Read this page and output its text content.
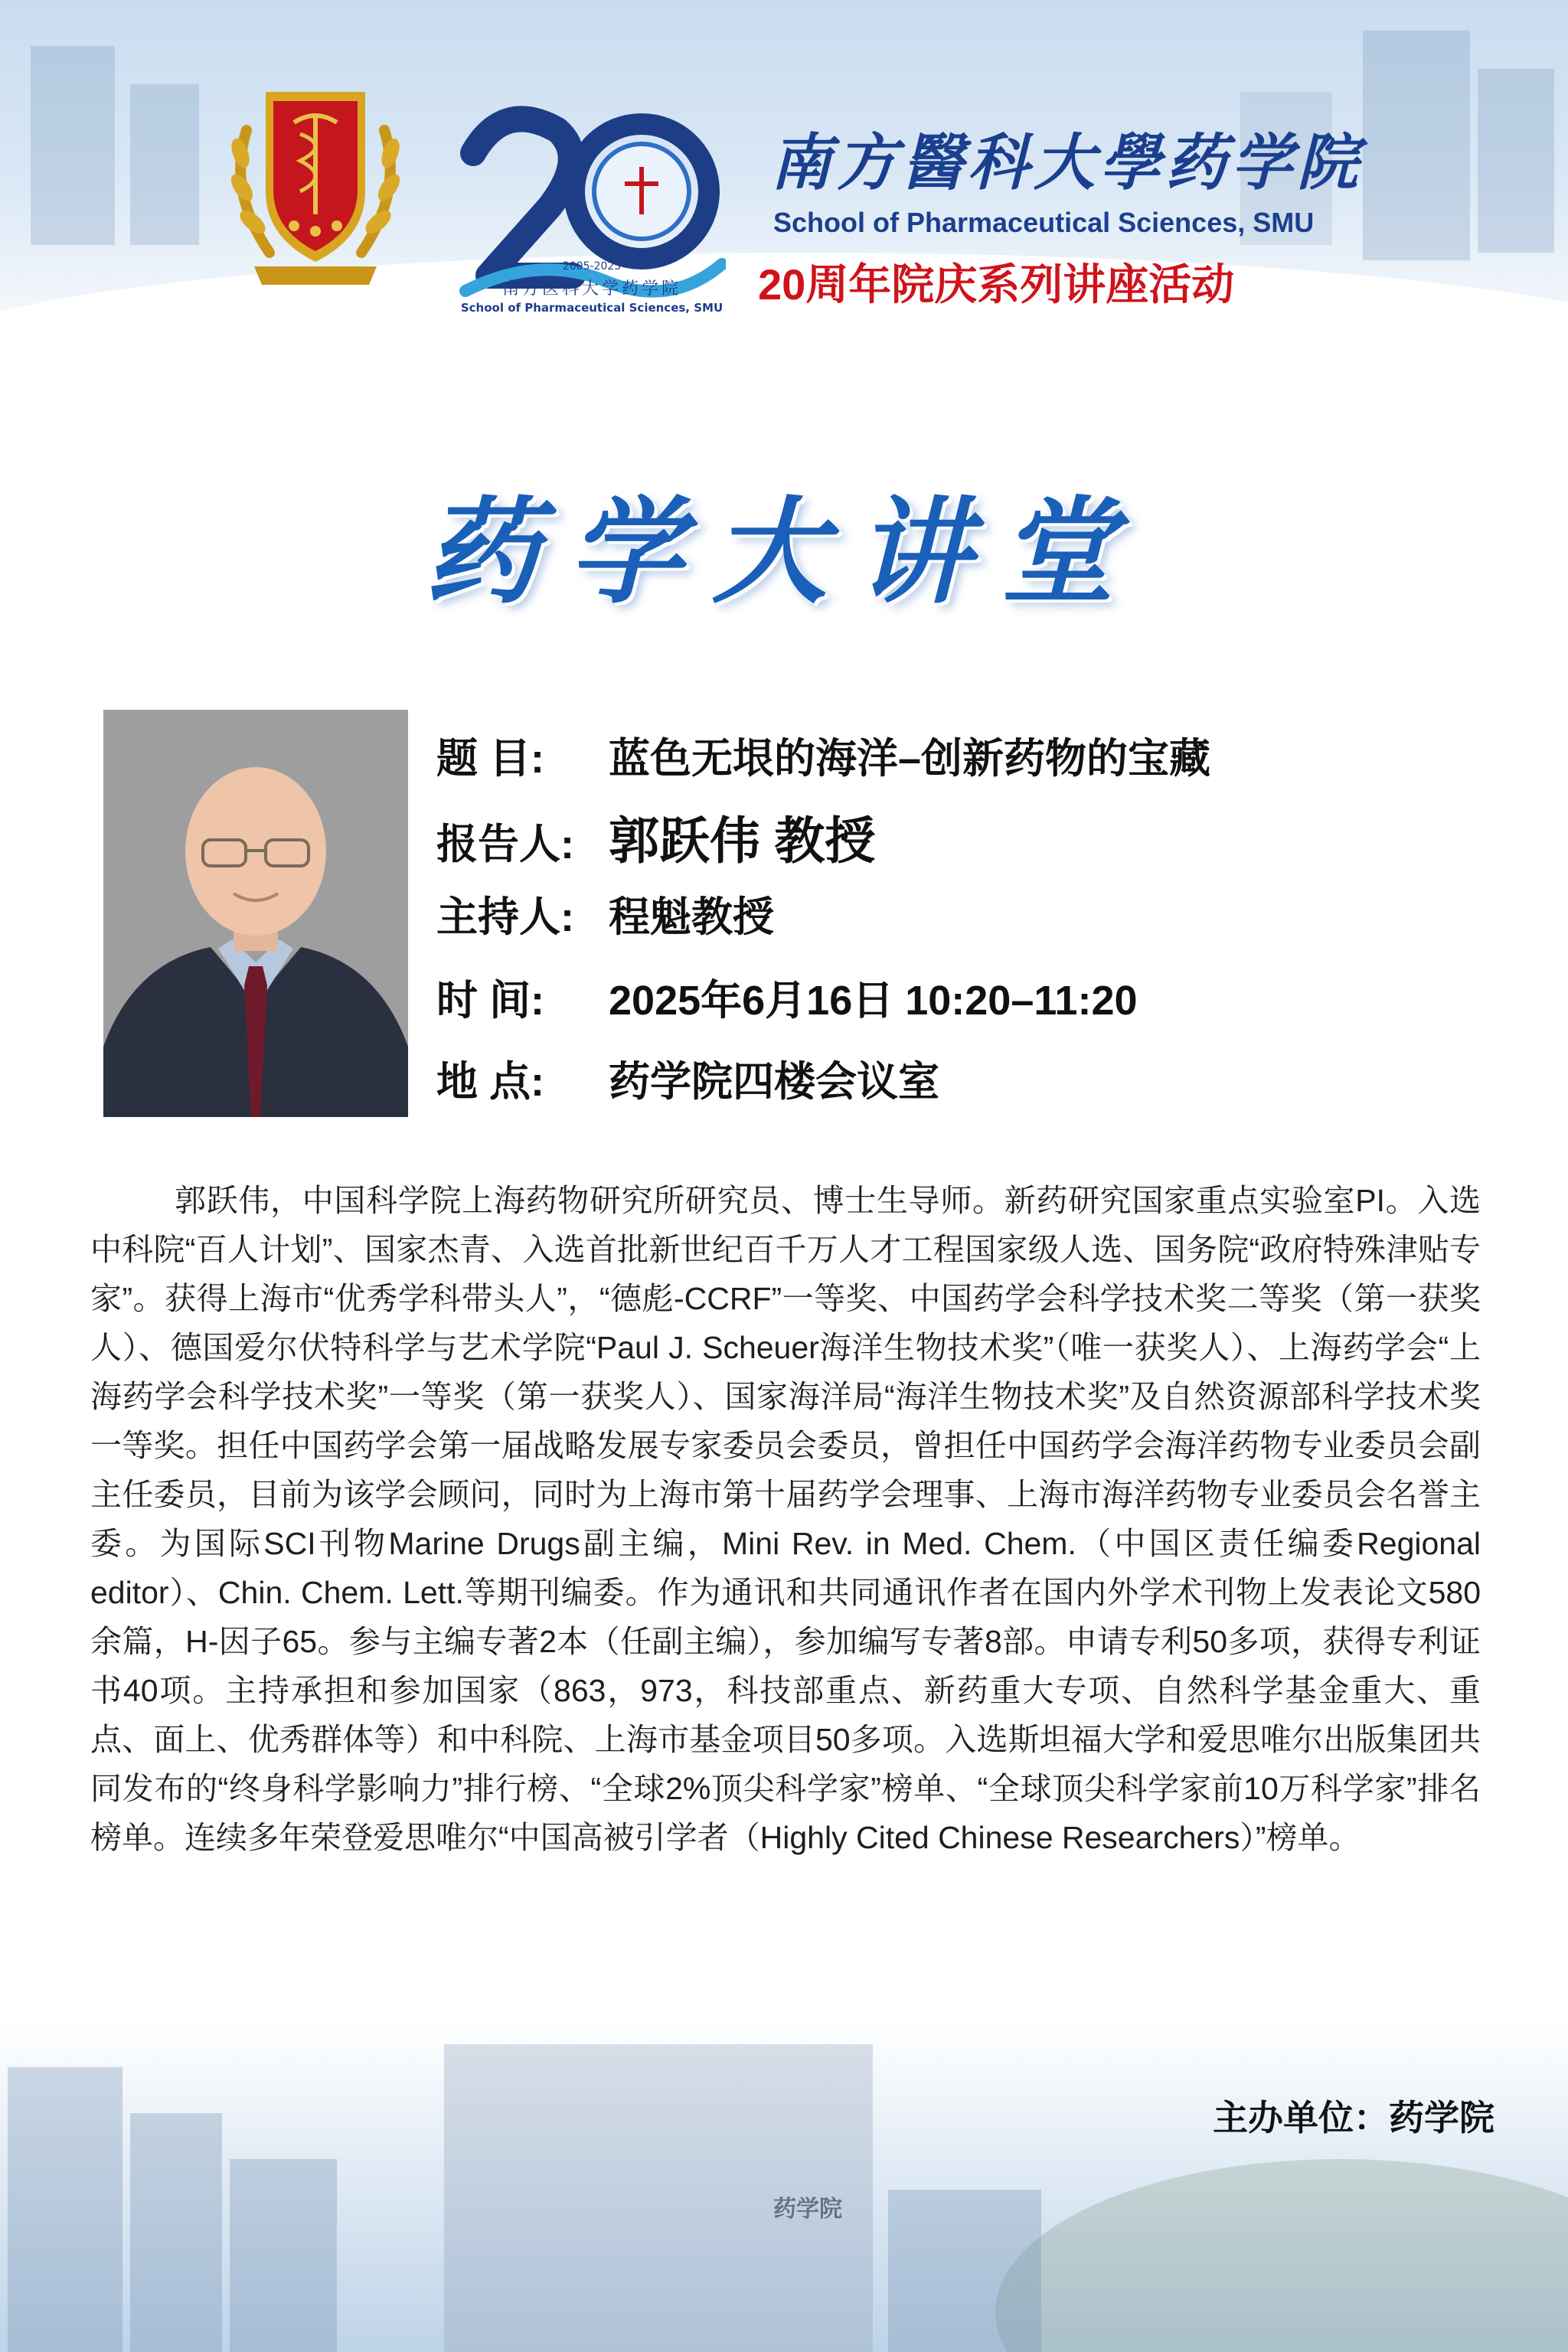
2005-2025
南方医科大学药学院
School of Pharmaceutical Sciences, SMU
南方醫科大學药学院
School of Pharmaceutical Sciences, SMU
20周年院庆系列讲座活动
药学大讲堂
题 目: 蓝色无垠的海洋–创新药物的宝藏
报告人: 郭跃伟 教授
主持人: 程魁教授
时 间: 2025年6月16日 10:20–11:20
地 点: 药学院四楼会议室
郭跃伟，中国科学院上海药物研究所研究员、博士生导师。新药研究国家重点实验室PI。入选中科院“百人计划”、国家杰青、入选首批新世纪百千万人才工程国家级人选、国务院“政府特殊津贴专家”。获得上海市“优秀学科带头人”，“德彪-CCRF”一等奖、中国药学会科学技术奖二等奖（第一获奖人）、德国爱尔伏特科学与艺术学院“Paul J. Scheuer海洋生物技术奖”（唯一获奖人）、上海药学会“上海药学会科学技术奖”一等奖（第一获奖人）、国家海洋局“海洋生物技术奖”及自然资源部科学技术奖一等奖。担任中国药学会第一届战略发展专家委员会委员，曾担任中国药学会海洋药物专业委员会副主任委员，目前为该学会顾问，同时为上海市第十届药学会理事、上海市海洋药物专业委员会名誉主委。为国际SCI刊物Marine Drugs副主编，Mini Rev. in Med. Chem.（中国区责任编委Regional editor）、Chin. Chem. Lett.等期刊编委。作为通讯和共同通讯作者在国内外学术刊物上发表论文580余篇，H-因子65。参与主编专著2本（任副主编），参加编写专著8部。申请专利50多项，获得专利证书40项。主持承担和参加国家（863，973，科技部重点、新药重大专项、自然科学基金重大、重点、面上、优秀群体等）和中科院、上海市基金项目50多项。入选斯坦福大学和爱思唯尔出版集团共同发布的“终身科学影响力”排行榜、“全球2%顶尖科学家”榜单、“全球顶尖科学家前10万科学家”排名榜单。连续多年荣登爱思唯尔“中国高被引学者（Highly Cited Chinese Researchers）”榜单。
药学院
主办单位：药学院
